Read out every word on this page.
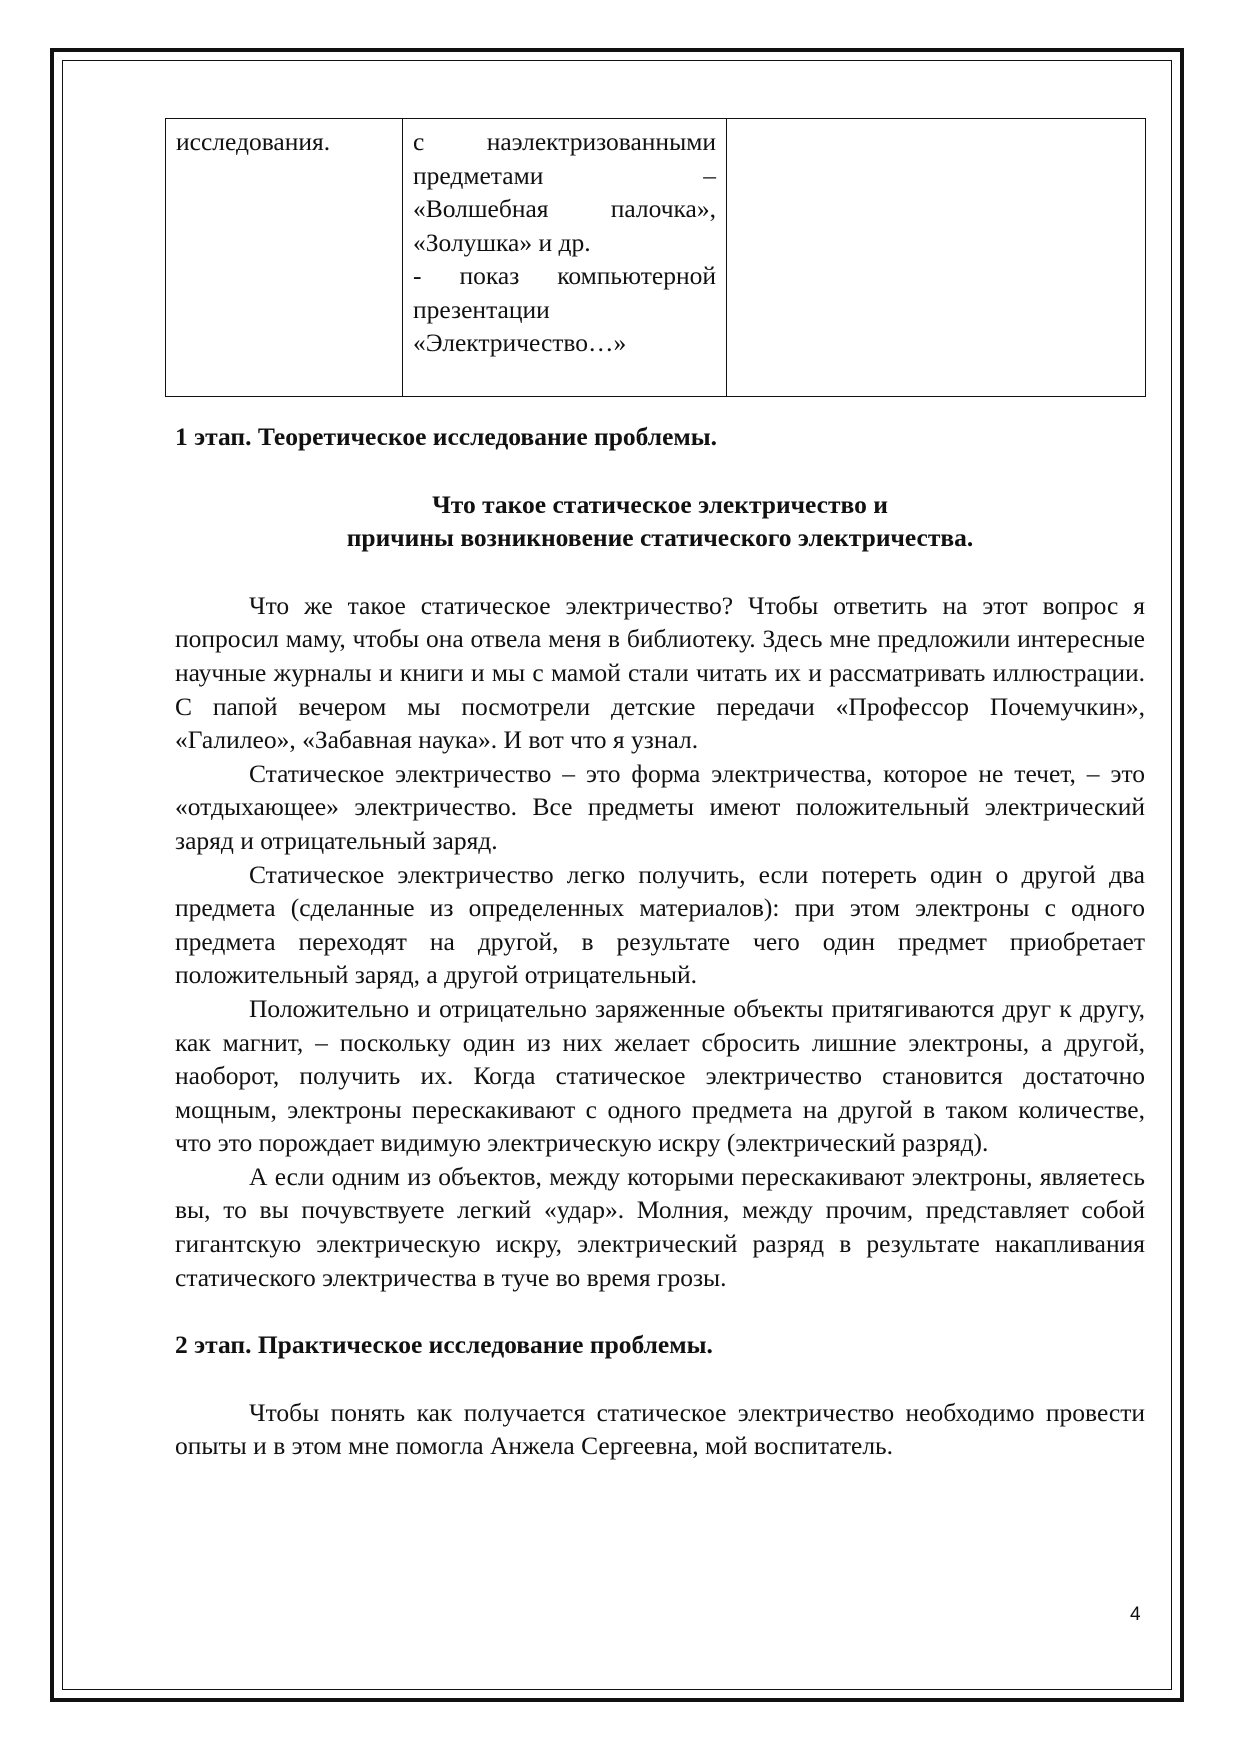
исследования.	с наэлектризованными
предметами –
«Волшебная палочка»,
«Золушка» и др.
- показ компьютерной
презентации
«Электричество…»

1 этап. Теоретическое исследование проблемы.

Что такое статическое электричество и
причины возникновение статического электричества.

Что же такое статическое электричество? Чтобы ответить на этот вопрос я попросил маму, чтобы она отвела меня в библиотеку. Здесь мне предложили интересные научные журналы и книги и мы с мамой стали читать их и рассматривать иллюстрации. С папой вечером мы посмотрели детские передачи «Профессор Почемучкин», «Галилео», «Забавная наука». И вот что я узнал.

Статическое электричество – это форма электричества, которое не течет, – это «отдыхающее» электричество. Все предметы имеют положительный электрический заряд и отрицательный заряд.

Статическое электричество легко получить, если потереть один о другой два предмета (сделанные из определенных материалов): при этом электроны с одного предмета переходят на другой, в результате чего один предмет приобретает положительный заряд, а другой отрицательный.

Положительно и отрицательно заряженные объекты притягиваются друг к другу, как магнит, – поскольку один из них желает сбросить лишние электроны, а другой, наоборот, получить их. Когда статическое электричество становится достаточно мощным, электроны перескакивают с одного предмета на другой в таком количестве, что это порождает видимую электрическую искру (электрический разряд).

А если одним из объектов, между которыми перескакивают электроны, являетесь вы, то вы почувствуете легкий «удар». Молния, между прочим, представляет собой гигантскую электрическую искру, электрический разряд в результате накапливания статического электричества в туче во время грозы.

2 этап. Практическое исследование проблемы.

Чтобы понять как получается статическое электричество необходимо провести опыты и в этом мне помогла Анжела Сергеевна, мой воспитатель.

4
